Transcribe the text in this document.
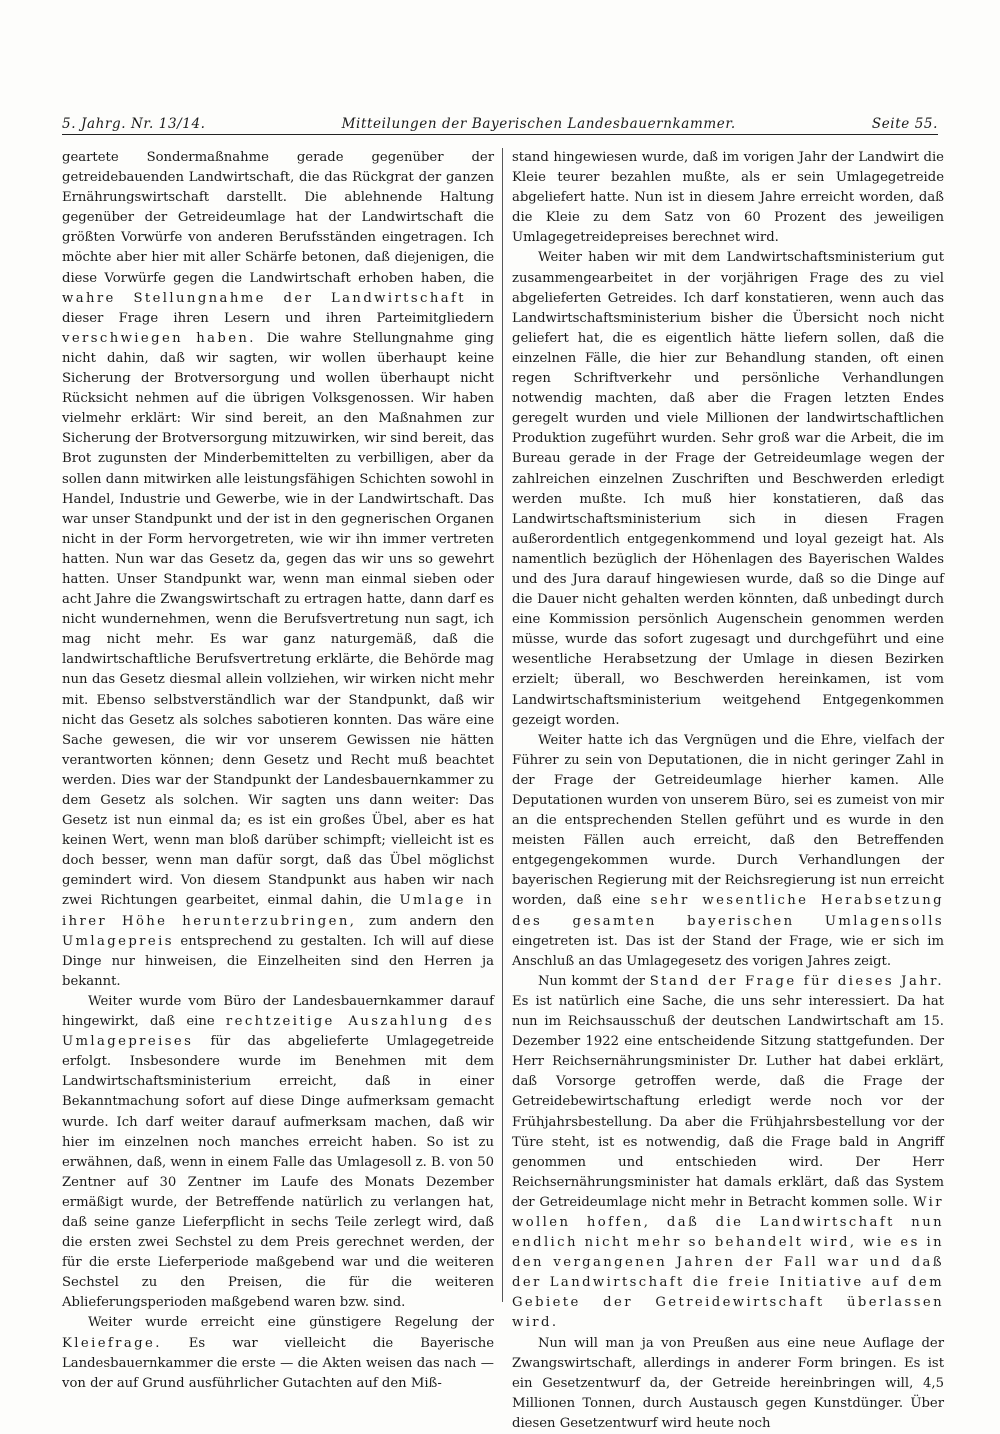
5. Jahrg. Nr. 13/14.	Mitteilungen der Bayerischen Landesbauernkammer.	Seite 55.

geartete Sondermaßnahme gerade gegenüber der getreidebauenden Landwirtschaft, die das Rückgrat der ganzen Ernährungswirtschaft darstellt. Die ablehnende Haltung gegenüber der Getreideumlage hat der Landwirtschaft die größten Vorwürfe von anderen Berufsständen eingetragen. Ich möchte aber hier mit aller Schärfe betonen, daß diejenigen, die diese Vorwürfe gegen die Landwirtschaft erhoben haben, die wahre Stellungnahme der Landwirtschaft in dieser Frage ihren Lesern und ihren Parteimitgliedern verschwiegen haben. Die wahre Stellungnahme ging nicht dahin, daß wir sagten, wir wollen überhaupt keine Sicherung der Brotversorgung und wollen überhaupt nicht Rücksicht nehmen auf die übrigen Volksgenossen. Wir haben vielmehr erklärt: Wir sind bereit, an den Maßnahmen zur Sicherung der Brotversorgung mitzuwirken, wir sind bereit, das Brot zugunsten der Minderbemittelten zu verbilligen, aber da sollen dann mitwirken alle leistungsfähigen Schichten sowohl in Handel, Industrie und Gewerbe, wie in der Landwirtschaft. Das war unser Standpunkt und der ist in den gegnerischen Organen nicht in der Form hervorgetreten, wie wir ihn immer vertreten hatten. Nun war das Gesetz da, gegen das wir uns so gewehrt hatten. Unser Standpunkt war, wenn man einmal sieben oder acht Jahre die Zwangswirtschaft zu ertragen hatte, dann darf es nicht wundernehmen, wenn die Berufsvertretung nun sagt, ich mag nicht mehr. Es war ganz naturgemäß, daß die landwirtschaftliche Berufsvertretung erklärte, die Behörde mag nun das Gesetz diesmal allein vollziehen, wir wirken nicht mehr mit. Ebenso selbstverständlich war der Standpunkt, daß wir nicht das Gesetz als solches sabotieren konnten. Das wäre eine Sache gewesen, die wir vor unserem Gewissen nie hätten verantworten können; denn Gesetz und Recht muß beachtet werden. Dies war der Standpunkt der Landesbauernkammer zu dem Gesetz als solchen. Wir sagten uns dann weiter: Das Gesetz ist nun einmal da; es ist ein großes Übel, aber es hat keinen Wert, wenn man bloß darüber schimpft; vielleicht ist es doch besser, wenn man dafür sorgt, daß das Übel möglichst gemindert wird. Von diesem Standpunkt aus haben wir nach zwei Richtungen gearbeitet, einmal dahin, die Umlage in ihrer Höhe herunterzubringen, zum andern den Umlagepreis entsprechend zu gestalten. Ich will auf diese Dinge nur hinweisen, die Einzelheiten sind den Herren ja bekannt.

Weiter wurde vom Büro der Landesbauernkammer darauf hingewirkt, daß eine rechtzeitige Auszahlung des Umlagepreises für das abgelieferte Umlagegetreide erfolgt. Insbesondere wurde im Benehmen mit dem Landwirtschaftsministerium erreicht, daß in einer Bekanntmachung sofort auf diese Dinge aufmerksam gemacht wurde. Ich darf weiter darauf aufmerksam machen, daß wir hier im einzelnen noch manches erreicht haben. So ist zu erwähnen, daß, wenn in einem Falle das Umlagesoll z. B. von 50 Zentner auf 30 Zentner im Laufe des Monats Dezember ermäßigt wurde, der Betreffende natürlich zu verlangen hat, daß seine ganze Lieferpflicht in sechs Teile zerlegt wird, daß die ersten zwei Sechstel zu dem Preis gerechnet werden, der für die erste Lieferperiode maßgebend war und die weiteren Sechstel zu den Preisen, die für die weiteren Ablieferungsperioden maßgebend waren bzw. sind.

Weiter wurde erreicht eine günstigere Regelung der Kleiefrage. Es war vielleicht die Bayerische Landesbauernkammer die erste — die Akten weisen das nach — von der auf Grund ausführlicher Gutachten auf den Miß-

stand hingewiesen wurde, daß im vorigen Jahr der Landwirt die Kleie teurer bezahlen mußte, als er sein Umlagegetreide abgeliefert hatte. Nun ist in diesem Jahre erreicht worden, daß die Kleie zu dem Satz von 60 Prozent des jeweiligen Umlagegetreidepreises berechnet wird.

Weiter haben wir mit dem Landwirtschaftsministerium gut zusammengearbeitet in der vorjährigen Frage des zu viel abgelieferten Getreides. Ich darf konstatieren, wenn auch das Landwirtschaftsministerium bisher die Übersicht noch nicht geliefert hat, die es eigentlich hätte liefern sollen, daß die einzelnen Fälle, die hier zur Behandlung standen, oft einen regen Schriftverkehr und persönliche Verhandlungen notwendig machten, daß aber die Fragen letzten Endes geregelt wurden und viele Millionen der landwirtschaftlichen Produktion zugeführt wurden. Sehr groß war die Arbeit, die im Bureau gerade in der Frage der Getreideumlage wegen der zahlreichen einzelnen Zuschriften und Beschwerden erledigt werden mußte. Ich muß hier konstatieren, daß das Landwirtschaftsministerium sich in diesen Fragen außerordentlich entgegenkommend und loyal gezeigt hat. Als namentlich bezüglich der Höhenlagen des Bayerischen Waldes und des Jura darauf hingewiesen wurde, daß so die Dinge auf die Dauer nicht gehalten werden könnten, daß unbedingt durch eine Kommission persönlich Augenschein genommen werden müsse, wurde das sofort zugesagt und durchgeführt und eine wesentliche Herabsetzung der Umlage in diesen Bezirken erzielt; überall, wo Beschwerden hereinkamen, ist vom Landwirtschaftsministerium weitgehend Entgegenkommen gezeigt worden.

Weiter hatte ich das Vergnügen und die Ehre, vielfach der Führer zu sein von Deputationen, die in nicht geringer Zahl in der Frage der Getreideumlage hierher kamen. Alle Deputationen wurden von unserem Büro, sei es zumeist von mir an die entsprechenden Stellen geführt und es wurde in den meisten Fällen auch erreicht, daß den Betreffenden entgegengekommen wurde. Durch Verhandlungen der bayerischen Regierung mit der Reichsregierung ist nun erreicht worden, daß eine sehr wesentliche Herabsetzung des gesamten bayerischen Umlagensolls eingetreten ist. Das ist der Stand der Frage, wie er sich im Anschluß an das Umlagegesetz des vorigen Jahres zeigt.

Nun kommt der Stand der Frage für dieses Jahr. Es ist natürlich eine Sache, die uns sehr interessiert. Da hat nun im Reichsausschuß der deutschen Landwirtschaft am 15. Dezember 1922 eine entscheidende Sitzung stattgefunden. Der Herr Reichsernährungsminister Dr. Luther hat dabei erklärt, daß Vorsorge getroffen werde, daß die Frage der Getreidebewirtschaftung erledigt werde noch vor der Frühjahrsbestellung. Da aber die Frühjahrsbestellung vor der Türe steht, ist es notwendig, daß die Frage bald in Angriff genommen und entschieden wird. Der Herr Reichsernährungsminister hat damals erklärt, daß das System der Getreideumlage nicht mehr in Betracht kommen solle. Wir wollen hoffen, daß die Landwirtschaft nun endlich nicht mehr so behandelt wird, wie es in den vergangenen Jahren der Fall war und daß der Landwirtschaft die freie Initiative auf dem Gebiete der Getreidewirtschaft überlassen wird.

Nun will man ja von Preußen aus eine neue Auflage der Zwangswirtschaft, allerdings in anderer Form bringen. Es ist ein Gesetzentwurf da, der Getreide hereinbringen will, 4,5 Millionen Tonnen, durch Austausch gegen Kunstdünger. Über diesen Gesetzentwurf wird heute noch
